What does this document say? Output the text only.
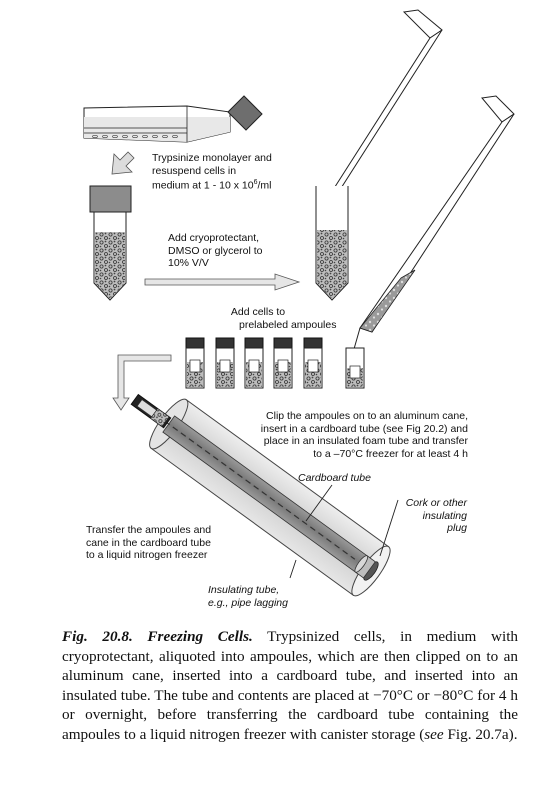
Trypsinize monolayer and
resuspend cells in
medium at 1 - 10 x $10^6/ml$
Add cryoprotectant,
DMSO or glycerol to
10% V/V
Add cells to
prelabeled ampoules
Clip the ampoules on to an aluminum cane,
insert in a cardboard tube (see Fig 20.2) and
place in an insulated foam tube and transfer
to a –70°C freezer for at least 4 h
Cardboard tube
Cork or other
insulating
plug
Transfer the ampoules and
cane in the cardboard tube
to a liquid nitrogen freezer
Insulating tube,
e.g., pipe lagging
Fig. 20.8. Freezing Cells. Trypsinized cells, in medium with cryoprotectant, aliquoted into ampoules, which are then clipped on to an aluminum cane, inserted into a cardboard tube, and inserted into an insulated tube. The tube and contents are placed at −70°C or −80°C for 4 h or overnight, before transferring the cardboard tube containing the ampoules to a liquid nitrogen freezer with canister storage (see Fig. 20.7a).
